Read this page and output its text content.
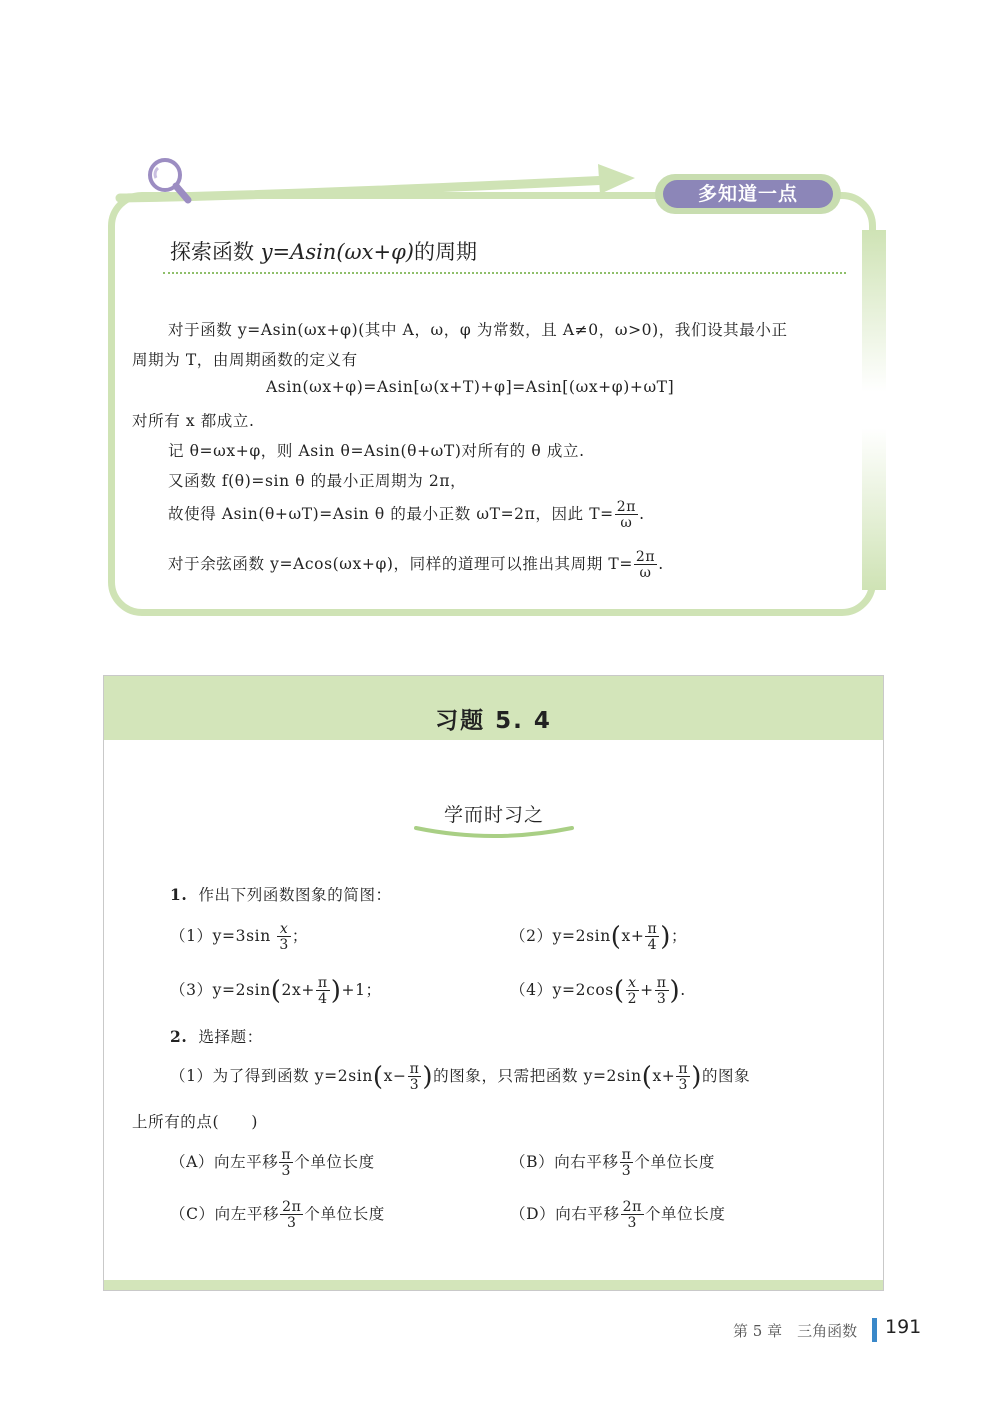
多知道一点
探索函数 y=Asin(ωx+φ)的周期
对于函数 y=Asin(ωx+φ)(其中 A，ω，φ 为常数，且 A≠0，ω>0)，我们设其最小正
周期为 T，由周期函数的定义有
Asin(ωx+φ)=Asin[ω(x+T)+φ]=Asin[(ωx+φ)+ωT]
对所有 x 都成立.
记 θ=ωx+φ，则 Asin θ=Asin(θ+ωT)对所有的 θ 成立.
又函数 f(θ)=sin θ 的最小正周期为 2π，
故使得 Asin(θ+ωT)=Asin θ 的最小正数 ωT=2π，因此 $T= \frac{2\pi}{\omega}$ .
对于余弦函数 y=Acos(ωx+φ)，同样的道理可以推出其周期 $T= \frac{2\pi}{\omega}$ .
习题 5. 4
学而时习之
1. 作出下列函数图象的简图：
$(1)y=3\sin \frac{x}{3}$ ；	$(2)y=2\sin(x+ \frac{\pi}{4}$ )；
$(3)y=2\sin(2x+ \frac{\pi}{4} )+1$；	$(4)y=2\cos( \frac{x}{2} + \frac{\pi}{3}$ ).
2. 选择题：
（1）为了得到函数 $y=2\sin(x- \frac{\pi}{3}$ )的图象，只需把函数 $y=2\sin(x+ \frac{\pi}{3}$ )的图象
上所有的点(　　)
（A）向左平移 $\frac{\pi}{3}$ 个单位长度	（B）向右平移 $\frac{\pi}{3}$ 个单位长度
（C）向左平移 $\frac{2\pi}{3}$ 个单位长度	（D）向右平移 $\frac{2\pi}{3}$ 个单位长度
第 5 章　三角函数 191
